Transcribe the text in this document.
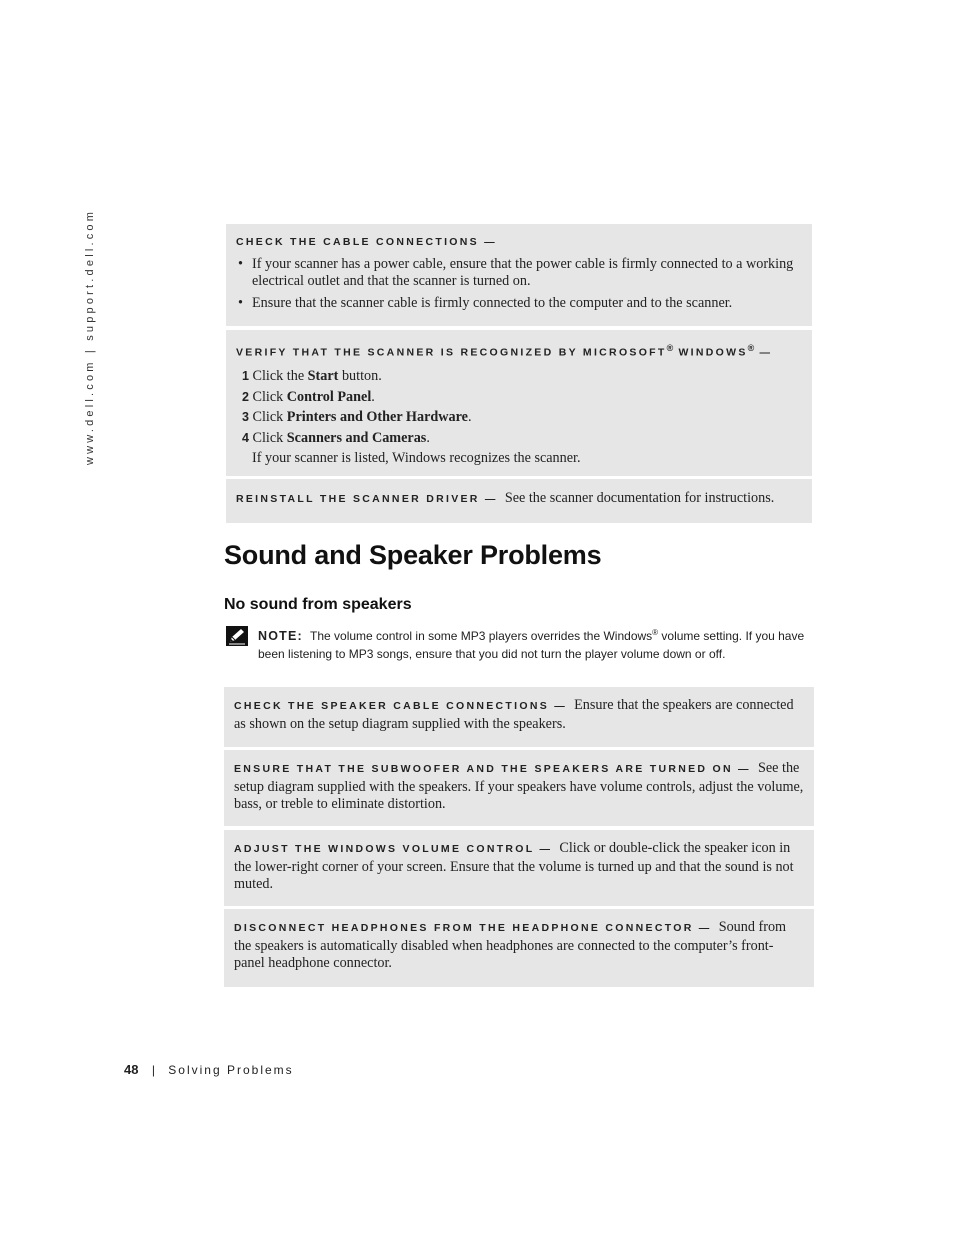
www.dell.com | support.dell.com	CHECK THE CABLE CONNECTIONS —
• If your scanner has a power cable, ensure that the power cable is firmly connected to a working electrical outlet and that the scanner is turned on.
• Ensure that the scanner cable is firmly connected to the computer and to the scanner.
VERIFY THAT THE SCANNER IS RECOGNIZED BY MICROSOFT® WINDOWS® —
1 Click the Start button.
2 Click Control Panel.
3 Click Printers and Other Hardware.
4 Click Scanners and Cameras.
If your scanner is listed, Windows recognizes the scanner.
REINSTALL THE SCANNER DRIVER — See the scanner documentation for instructions.
Sound and Speaker Problems
No sound from speakers
NOTE: The volume control in some MP3 players overrides the Windows® volume setting. If you have been listening to MP3 songs, ensure that you did not turn the player volume down or off.
CHECK THE SPEAKER CABLE CONNECTIONS — Ensure that the speakers are connected as shown on the setup diagram supplied with the speakers.
ENSURE THAT THE SUBWOOFER AND THE SPEAKERS ARE TURNED ON — See the setup diagram supplied with the speakers. If your speakers have volume controls, adjust the volume, bass, or treble to eliminate distortion.
ADJUST THE WINDOWS VOLUME CONTROL — Click or double-click the speaker icon in the lower-right corner of your screen. Ensure that the volume is turned up and that the sound is not muted.
DISCONNECT HEADPHONES FROM THE HEADPHONE CONNECTOR — Sound from the speakers is automatically disabled when headphones are connected to the computer’s front-panel headphone connector.
48 | Solving Problems
